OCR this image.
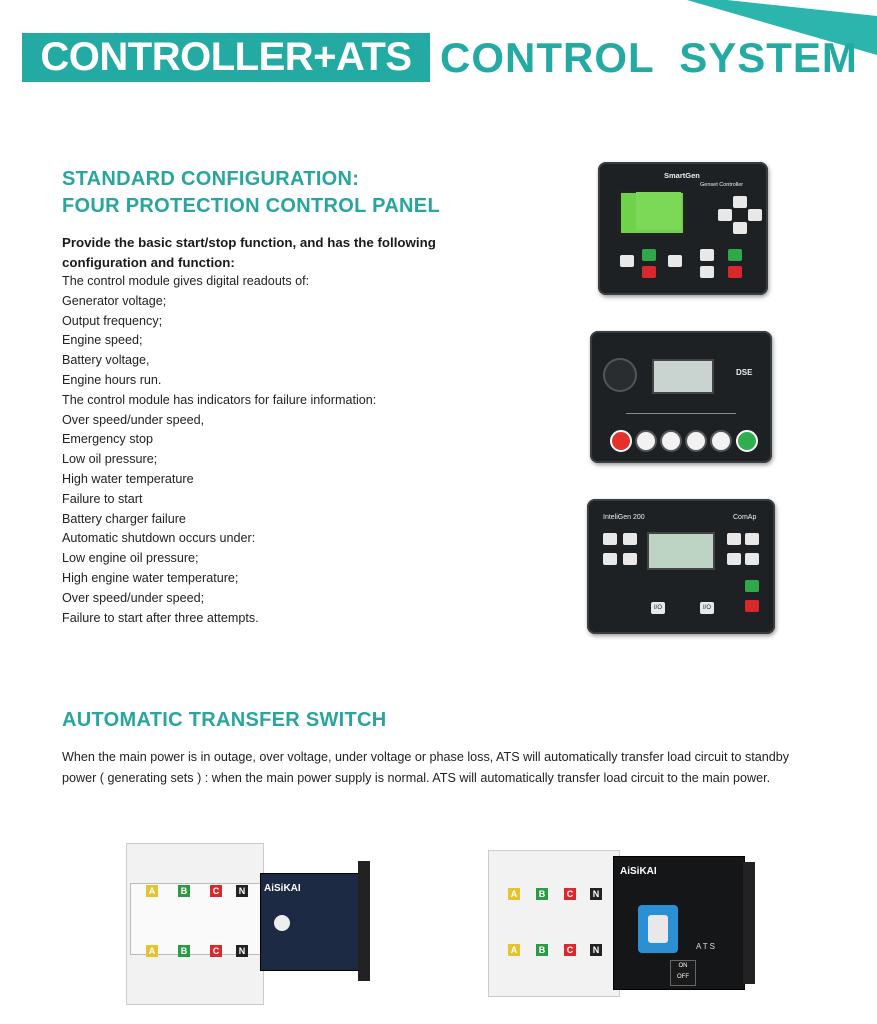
CONTROLLER+ATS CONTROL  SYSTEM
STANDARD CONFIGURATION:
FOUR PROTECTION CONTROL PANEL
Provide the basic start/stop function, and has the following configuration and function:
The control module gives digital readouts of:
Generator voltage;
Output frequency;
Engine speed;
Battery voltage,
Engine hours run.
The control module has indicators for failure information:
Over speed/under speed,
Emergency stop
Low oil pressure;
High water temperature
Failure to start
Battery charger failure
Automatic shutdown occurs under:
Low engine oil pressure;
High engine water temperature;
Over speed/under speed;
Failure to start after three attempts.
SmartGen
Genset Controller
DSE
InteliGen 200	ComAp
I/O	I/O
AUTOMATIC TRANSFER SWITCH
When the main power is in outage, over voltage, under voltage or phase loss, ATS will automatically transfer load circuit to standby power ( generating sets ) : when the main power supply is normal. ATS will automatically transfer load circuit to the main power.
A	B	C	N
A	B	C	N
AiSiKAI	A	B	C	N
A	B	C	N
AiSiKAI
ATS
ON
OFF
